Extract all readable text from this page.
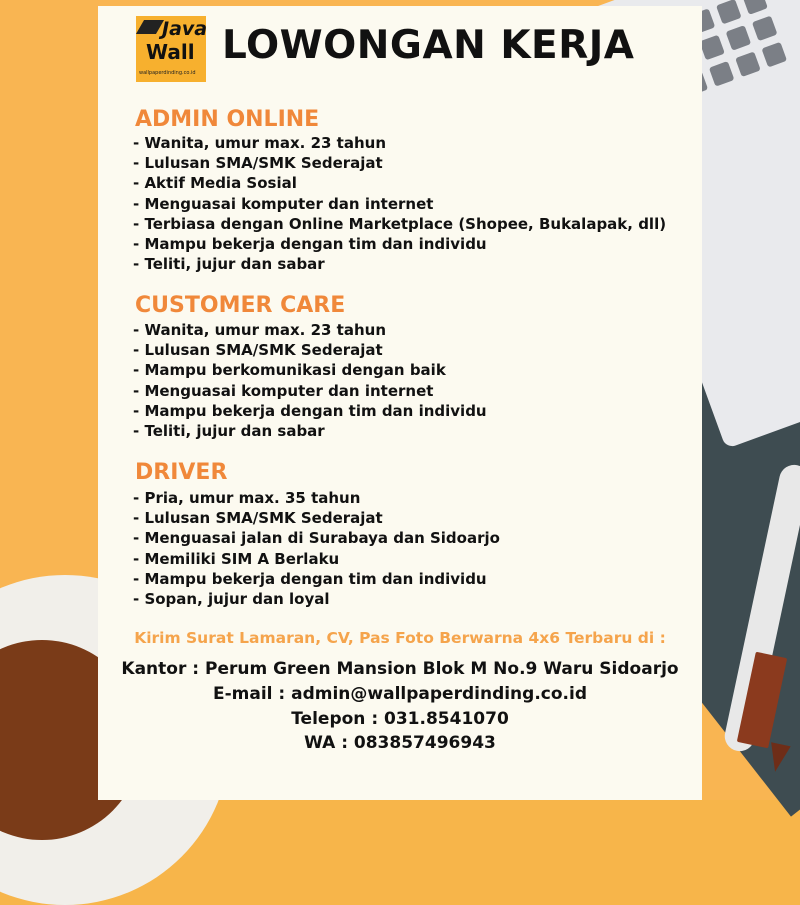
Java
Wall
wallpaperdinding.co.id
LOWONGAN KERJA
ADMIN ONLINE
- Wanita, umur max. 23 tahun
- Lulusan SMA/SMK Sederajat
- Aktif Media Sosial
- Menguasai komputer dan internet
- Terbiasa dengan Online Marketplace (Shopee, Bukalapak, dll)
- Mampu bekerja dengan tim dan individu
- Teliti, jujur dan sabar
CUSTOMER CARE
- Wanita, umur max. 23 tahun
- Lulusan SMA/SMK Sederajat
- Mampu berkomunikasi dengan baik
- Menguasai komputer dan internet
- Mampu bekerja dengan tim dan individu
- Teliti, jujur dan sabar
DRIVER
- Pria, umur max. 35 tahun
- Lulusan SMA/SMK Sederajat
- Menguasai jalan di Surabaya dan Sidoarjo
- Memiliki SIM A Berlaku
- Mampu bekerja dengan tim dan individu
- Sopan, jujur dan loyal
Kirim Surat Lamaran, CV, Pas Foto Berwarna 4x6 Terbaru di :
Kantor : Perum Green Mansion Blok M No.9 Waru Sidoarjo
E-mail : admin@wallpaperdinding.co.id
Telepon : 031.8541070
WA : 083857496943
